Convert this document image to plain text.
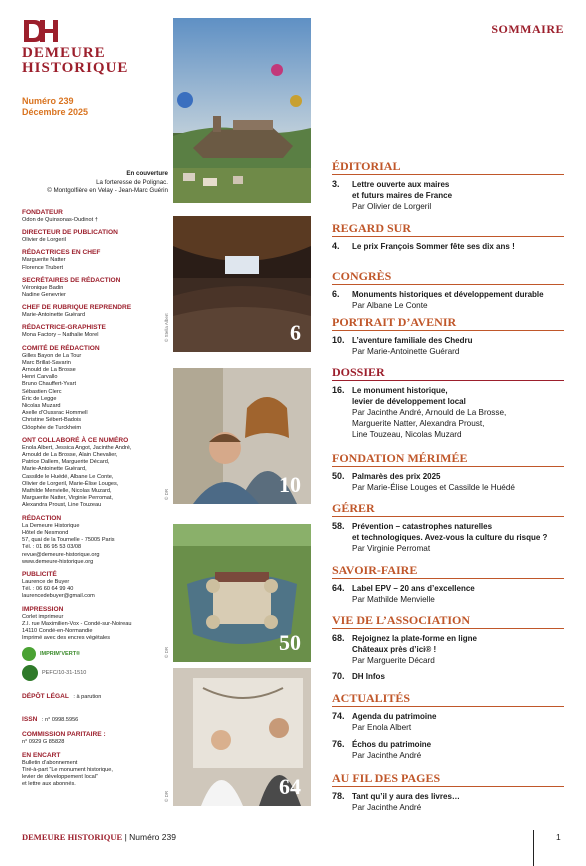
DEMEURE
HISTORIQUE
Numéro 239
Décembre 2025
En couverture
La forteresse de Polignac.
© Montgolfière en Velay - Jean-Marc Guérin
FONDATEUR
Odon de Quinsonas-Oudinot †
DIRECTEUR DE PUBLICATION
Olivier de Lorgeril
RÉDACTRICES EN CHEF
Marguerite Natter
Florence Trubert
SECRÉTAIRES DE RÉDACTION
Véronique Badin
Nadine Genevrier
CHEF DE RUBRIQUE REPRENDRE
Marie-Antoinette Guérard
RÉDACTRICE-GRAPHISTE
Mona Factory – Nathalie Morel
COMITÉ DE RÉDACTION
Gilles Bayon de La Tour
Marc Brillat-Savarin
Arnould de La Brosse
Henri Carvallo
Bruno Chauffert-Yvart
Sébastien Clerc
Éric de Legge
Nicolas Muzard
Axelle d’Oussrac Hommell
Christine Sébert-Badois
Clöophée de Turckheim
ONT COLLABORÉ À CE NUMÉRO
Enola Albert, Jessica Angot, Jacinthe André,
Arnould de La Brosse, Alain Chevalier,
Patrice Dallem, Marguerite Décard,
Marie-Antoinette Guérard,
Cassilde le Huédé, Albane Le Conte,
Olivier de Lorgeril, Marie-Élise Louges,
Mathilde Menvielle, Nicolas Muzard,
Marguerite Natter, Virginie Perromat,
Alexandra Proust, Line Touzeau
RÉDACTION
La Demeure Historique
Hôtel de Nesmond
57, quai de la Tournelle - 75005 Paris
Tél. : 01 86 95 53 03/08
revue@demeure-historique.org
www.demeure-historique.org
PUBLICITÉ
Laurence de Buyer
Tél. : 06 60 64 99 40
laurencedebuyer@gmail.com
IMPRESSION
Corlet imprimeur
Z.I. rue Maximilien-Vox - Condé-sur-Noireau
14110 Condé-en-Normandie
Imprimé avec des encres végétales
IMPRIM’VERT®
PEFC/10-31-1510
DÉPÔT LÉGAL : à parution
ISSN : n° 0998.5956
COMMISSION PARITAIRE :
n° 0929 G 85828
EN ENCART
Bulletin d’abonnement
Tiré-à-part “Le monument historique,
levier de développement local”
et lettre aux abonnés.
6
10
50
64
© Stella Albert
© DR
© DR
© DR
SOMMAIRE
ÉDITORIAL
3. Lettre ouverte aux maires
et futurs maires de France
Par Olivier de Lorgeril
REGARD SUR
4. Le prix François Sommer fête ses dix ans !
CONGRÈS
6. Monuments historiques et développement durable
Par Albane Le Conte
PORTRAIT D’AVENIR
10. L’aventure familiale des Chedru
Par Marie-Antoinette Guérard
DOSSIER
16. Le monument historique,
levier de développement local
Par Jacinthe André, Arnould de La Brosse,
Marguerite Natter, Alexandra Proust,
Line Touzeau, Nicolas Muzard
FONDATION MÉRIMÉE
50. Palmarès des prix 2025
Par Marie-Élise Louges et Cassilde le Huédé
GÉRER
58. Prévention – catastrophes naturelles
et technologiques. Avez-vous la culture du risque ?
Par Virginie Perromat
SAVOIR-FAIRE
64. Label EPV – 20 ans d’excellence
Par Mathilde Menvielle
VIE DE L’ASSOCIATION
68. Rejoignez la plate-forme en ligne
Châteaux près d’ici® !
Par Marguerite Décard
70. DH Infos
ACTUALITÉS
74. Agenda du patrimoine
Par Enola Albert
76. Échos du patrimoine
Par Jacinthe André
AU FIL DES PAGES
78. Tant qu’il y aura des livres…
Par Jacinthe André
DEMEURE HISTORIQUE | Numéro 239	1
